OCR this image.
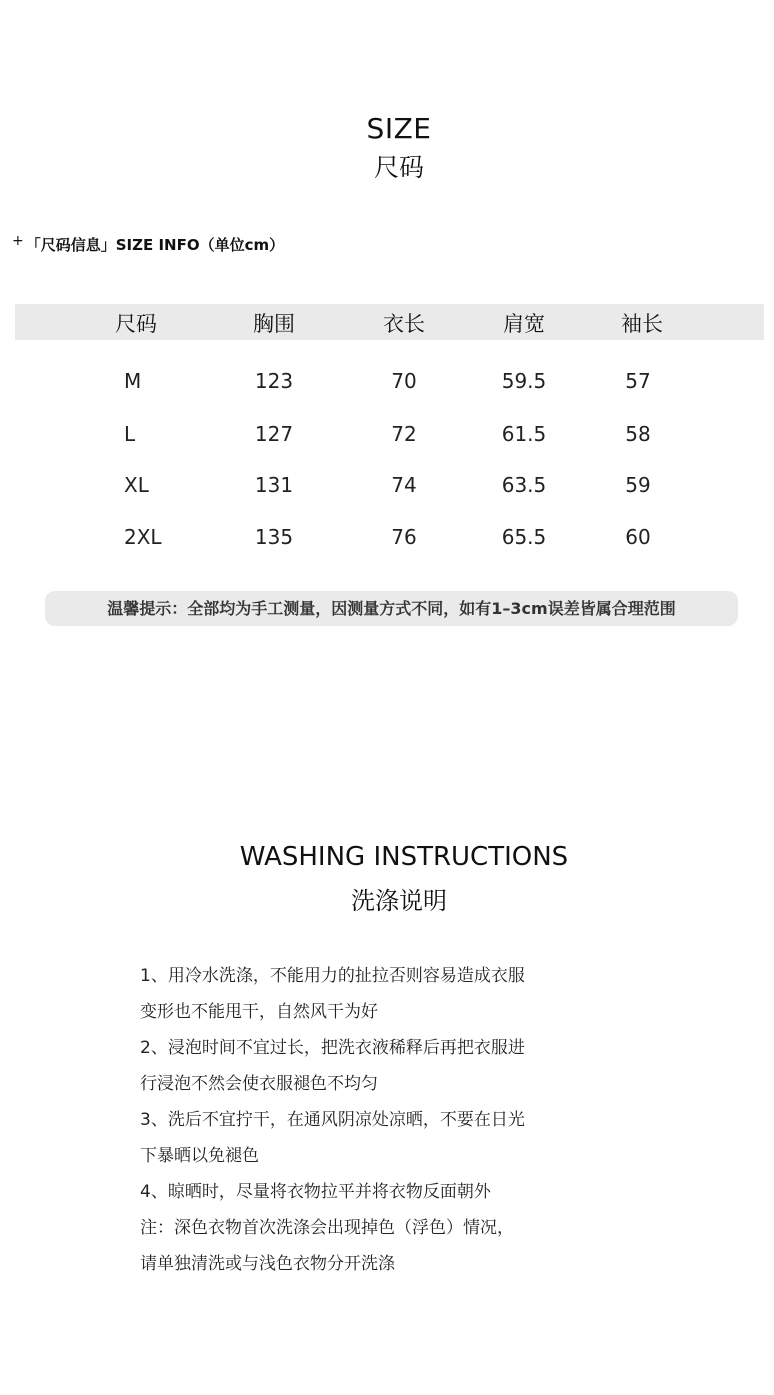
SIZE
尺码
+ 「尺码信息」SIZE INFO（单位cm）
尺码	胸围	衣长	肩宽	袖长
M	123	70	59.5	57
L	127	72	61.5	58
XL	131	74	63.5	59
2XL	135	76	65.5	60
温馨提示：全部均为手工测量，因测量方式不同，如有1–3cm误差皆属合理范围
WASHING INSTRUCTIONS
洗涤说明
1、用冷水洗涤，不能用力的扯拉否则容易造成衣服
变形也不能甩干，自然风干为好
2、浸泡时间不宜过长，把洗衣液稀释后再把衣服进
行浸泡不然会使衣服褪色不均匀
3、洗后不宜拧干，在通风阴凉处凉晒，不要在日光
下暴晒以免褪色
4、晾晒时，尽量将衣物拉平并将衣物反面朝外
注：深色衣物首次洗涤会出现掉色（浮色）情况，
请单独清洗或与浅色衣物分开洗涤
